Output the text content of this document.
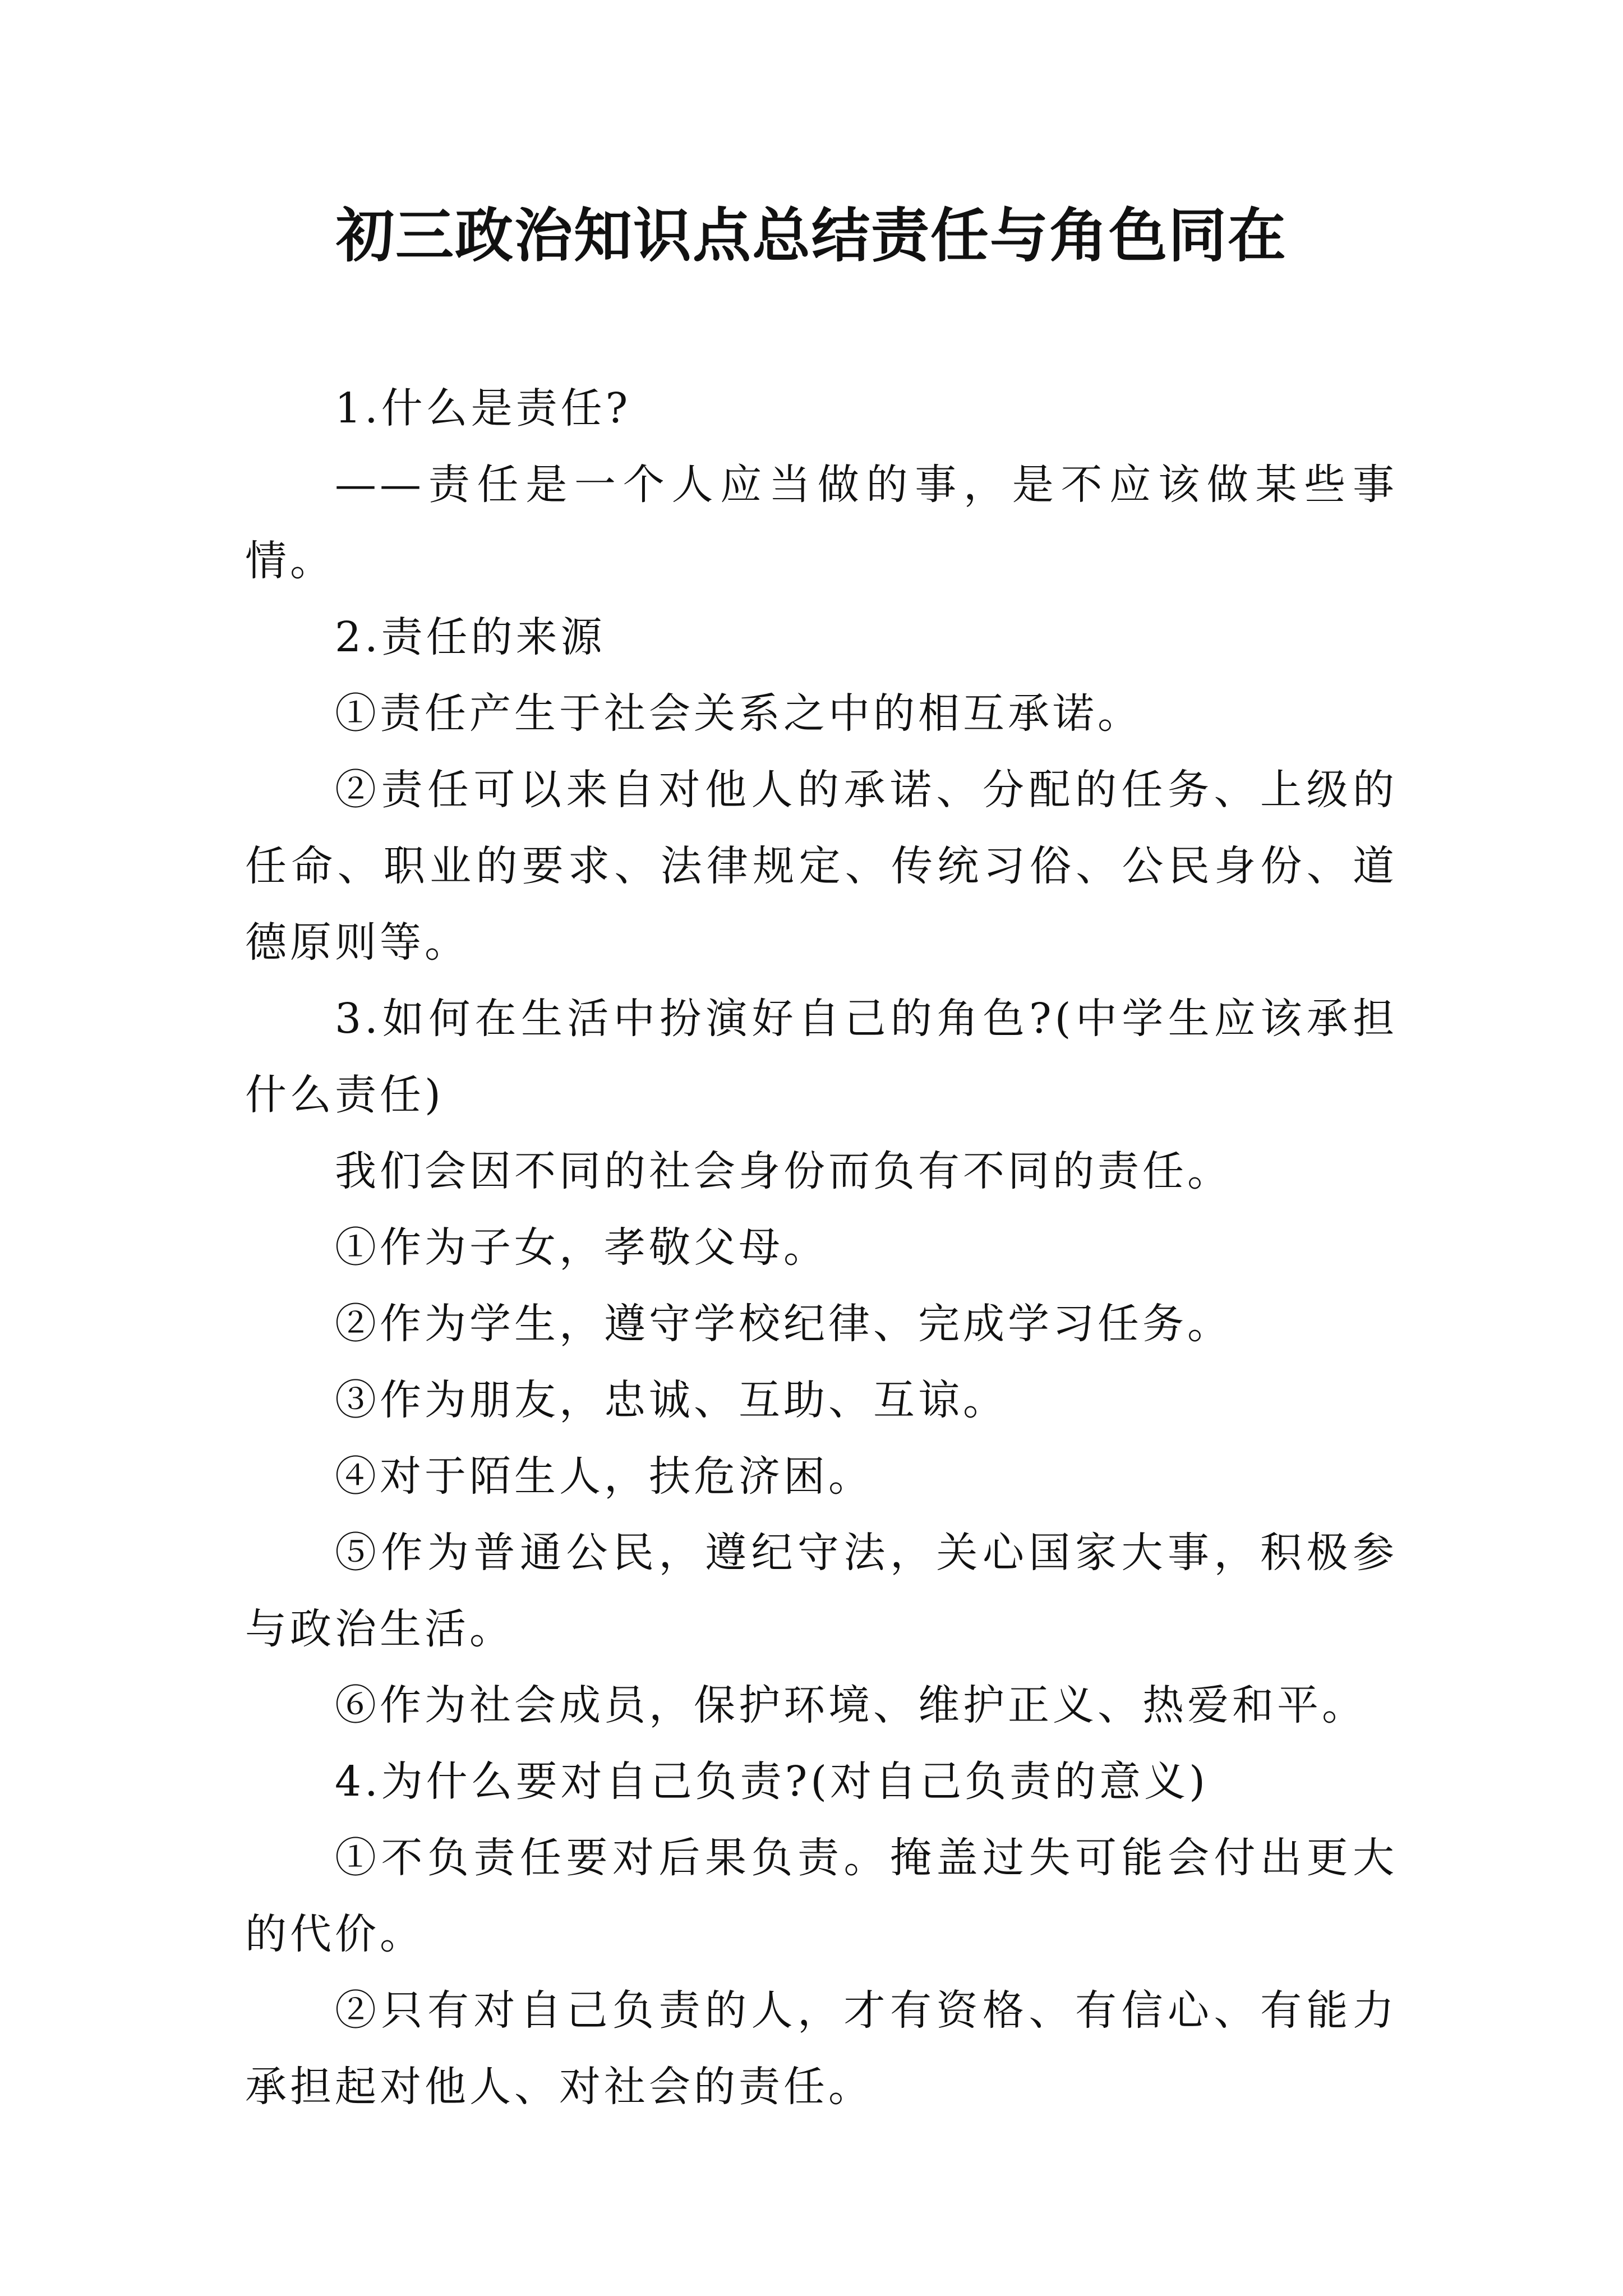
初三政治知识点总结责任与角色同在

1.什么是责任?

——责任是一个人应当做的事，是不应该做某些事情。

2.责任的来源

①责任产生于社会关系之中的相互承诺。

②责任可以来自对他人的承诺、分配的任务、上级的任命、职业的要求、法律规定、传统习俗、公民身份、道德原则等。

3.如何在生活中扮演好自己的角色?(中学生应该承担什么责任)

我们会因不同的社会身份而负有不同的责任。

①作为子女，孝敬父母。

②作为学生，遵守学校纪律、完成学习任务。

③作为朋友，忠诚、互助、互谅。

④对于陌生人，扶危济困。

⑤作为普通公民，遵纪守法，关心国家大事，积极参与政治生活。

⑥作为社会成员，保护环境、维护正义、热爱和平。

4.为什么要对自己负责?(对自己负责的意义)

①不负责任要对后果负责。掩盖过失可能会付出更大的代价。

②只有对自己负责的人，才有资格、有信心、有能力承担起对他人、对社会的责任。
